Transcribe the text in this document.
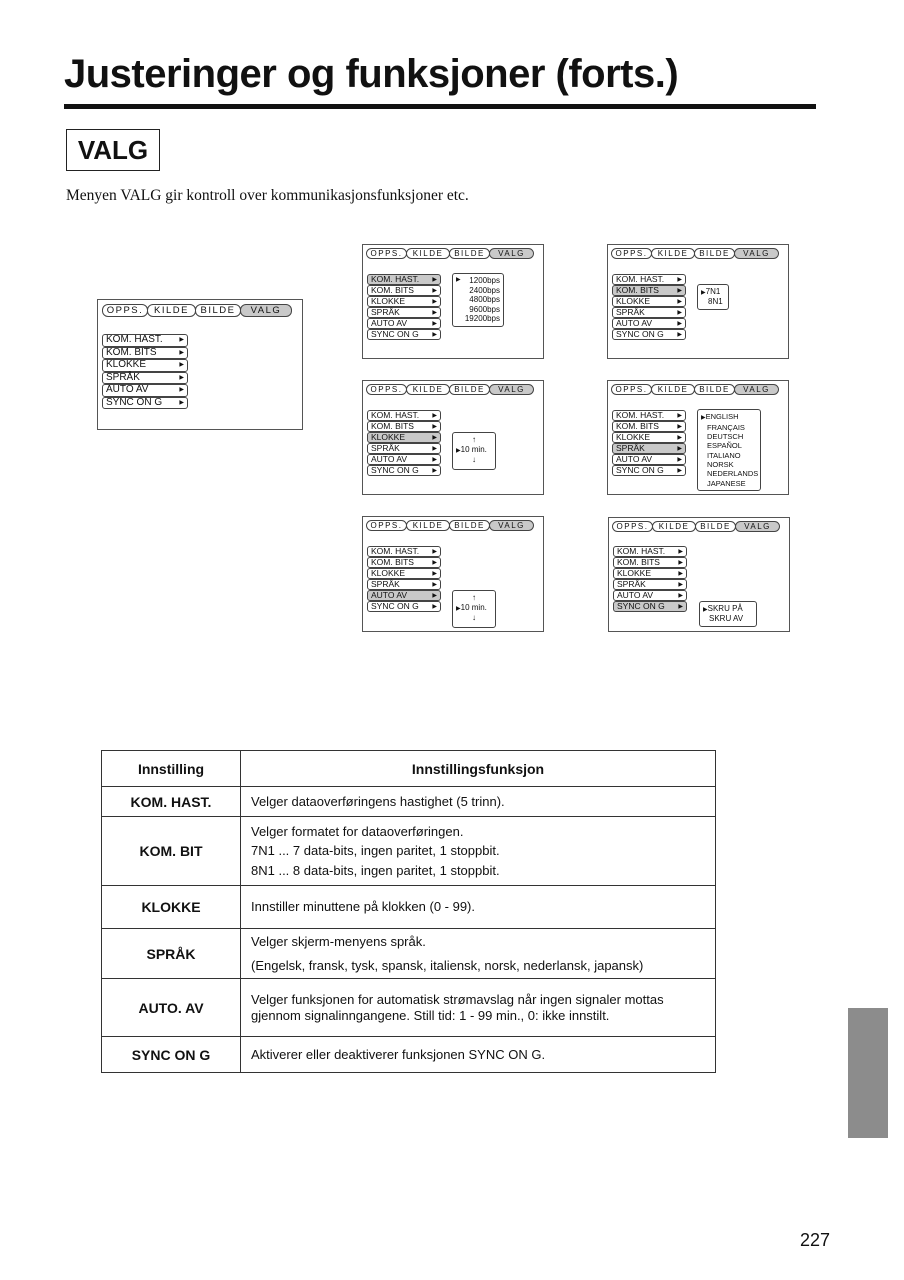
Justeringer og funksjoner (forts.)
VALG
Menyen VALG gir kontroll over kommunikasjonsfunksjoner etc.
OPPS.	KILDE	BILDE	VALG
KOM. HAST.	▶
KOM. BITS	▶
KLOKKE	▶
SPRÅK	▶
AUTO AV	▶
SYNC ON G	▶
OPPS.	KILDE	BILDE	VALG
KOM. HAST. ▶
KOM. BITS	▶
KLOKKE	▶
SPRÅK	▶
AUTO AV	▶
SYNC ON G ▶
▶ 1200bps
2400bps
4800bps
9600bps
19200bps
OPPS.	KILDE	BILDE	VALG
KOM. HAST. ▶
KOM. BITS	▶
KLOKKE	▶
SPRÅK	▶
AUTO AV	▶
SYNC ON G ▶
▶7N1
8N1
OPPS.	KILDE	BILDE	VALG
KOM. HAST. ▶
KOM. BITS	▶
KLOKKE	▶
SPRÅK	▶
AUTO AV	▶
SYNC ON G ▶
↑
▶10 min.
↓
OPPS.	KILDE	BILDE	VALG
KOM. HAST. ▶
KOM. BITS	▶
KLOKKE	▶
SPRÅK	▶
AUTO AV	▶
SYNC ON G ▶
▶ENGLISH
FRANÇAIS
DEUTSCH
ESPAÑOL
ITALIANO
NORSK
NEDERLANDS
JAPANESE
OPPS.	KILDE	BILDE	VALG
KOM. HAST. ▶
KOM. BITS	▶
KLOKKE	▶
SPRÅK	▶
AUTO AV	▶
SYNC ON G ▶
↑
▶10 min.
↓
OPPS.	KILDE	BILDE	VALG
KOM. HAST. ▶
KOM. BITS	▶
KLOKKE	▶
SPRÅK	▶
AUTO AV	▶
SYNC ON G ▶
▶SKRU PÅ
SKRU AV
Innstilling	Innstillingsfunksjon
KOM. HAST.	Velger dataoverføringens hastighet (5 trinn).

KOM. BIT	Velger formatet for dataoverføringen.
7N1 ... 7 data-bits, ingen paritet, 1 stoppbit.
8N1 ... 8 data-bits, ingen paritet, 1 stoppbit.

KLOKKE	Innstiller minuttene på klokken (0 - 99).

SPRÅK	Velger skjerm-menyens språk.
(Engelsk, fransk, tysk, spansk, italiensk, norsk, nederlansk, japansk)

AUTO. AV	Velger funksjonen for automatisk strømavslag når ingen signaler mottas
gjennom signalinngangene. Still tid: 1 - 99 min., 0: ikke innstilt.

SYNC ON G	Aktiverer eller deaktiverer funksjonen SYNC ON G.
227
